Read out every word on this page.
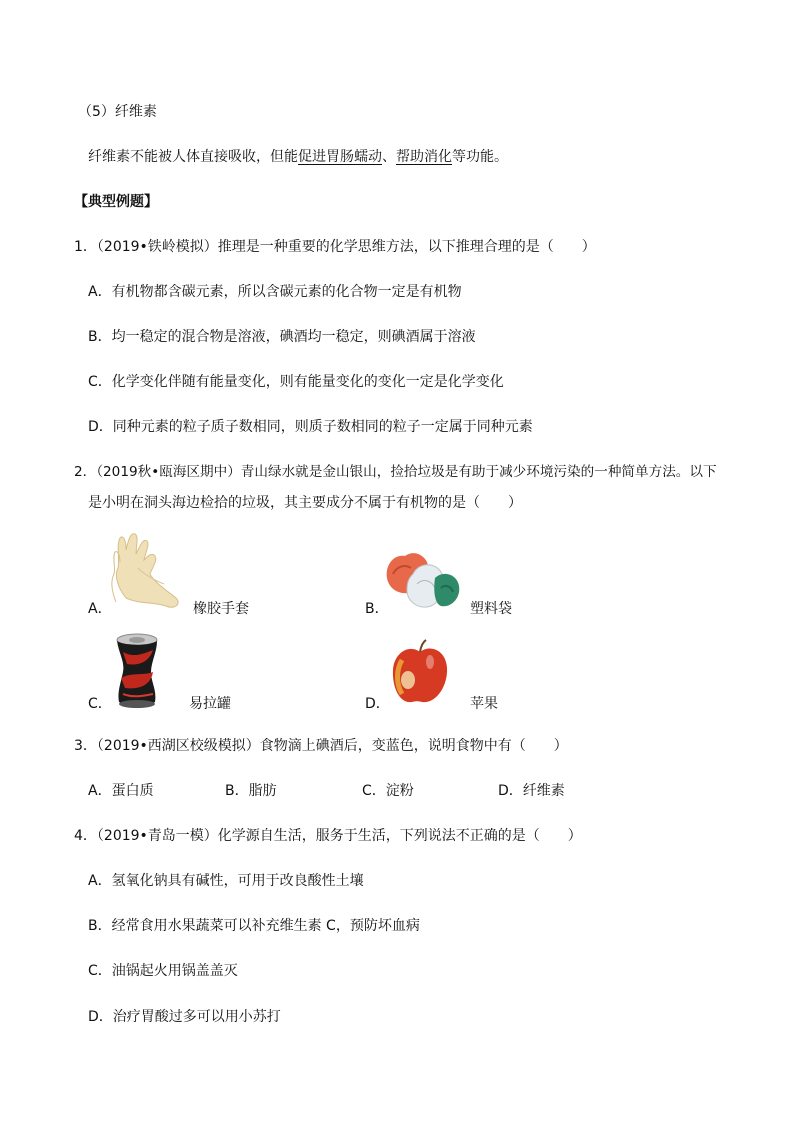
（5）纤维素
纤维素不能被人体直接吸收，但能促进胃肠蠕动、帮助消化等功能。
【典型例题】
1．（2019•铁岭模拟）推理是一种重要的化学思维方法，以下推理合理的是（　　）
A．有机物都含碳元素，所以含碳元素的化合物一定是有机物
B．均一稳定的混合物是溶液，碘酒均一稳定，则碘酒属于溶液
C．化学变化伴随有能量变化，则有能量变化的变化一定是化学变化
D．同种元素的粒子质子数相同，则质子数相同的粒子一定属于同种元素
2．（2019秋•瓯海区期中）青山绿水就是金山银山，捡拾垃圾是有助于减少环境污染的一种简单方法。以下
是小明在洞头海边检拾的垃圾，其主要成分不属于有机物的是（　　）
A．	橡胶手套	B．	塑料袋
C．	易拉罐	D．	苹果
3．（2019•西湖区校级模拟）食物滴上碘酒后，变蓝色，说明食物中有（　　）
A．蛋白质	B．脂肪	C．淀粉	D．纤维素
4．（2019•青岛一模）化学源自生活，服务于生活，下列说法不正确的是（　　）
A．氢氧化钠具有碱性，可用于改良酸性土壤
B．经常食用水果蔬菜可以补充维生素 C，预防坏血病
C．油锅起火用锅盖盖灭
D．治疗胃酸过多可以用小苏打
